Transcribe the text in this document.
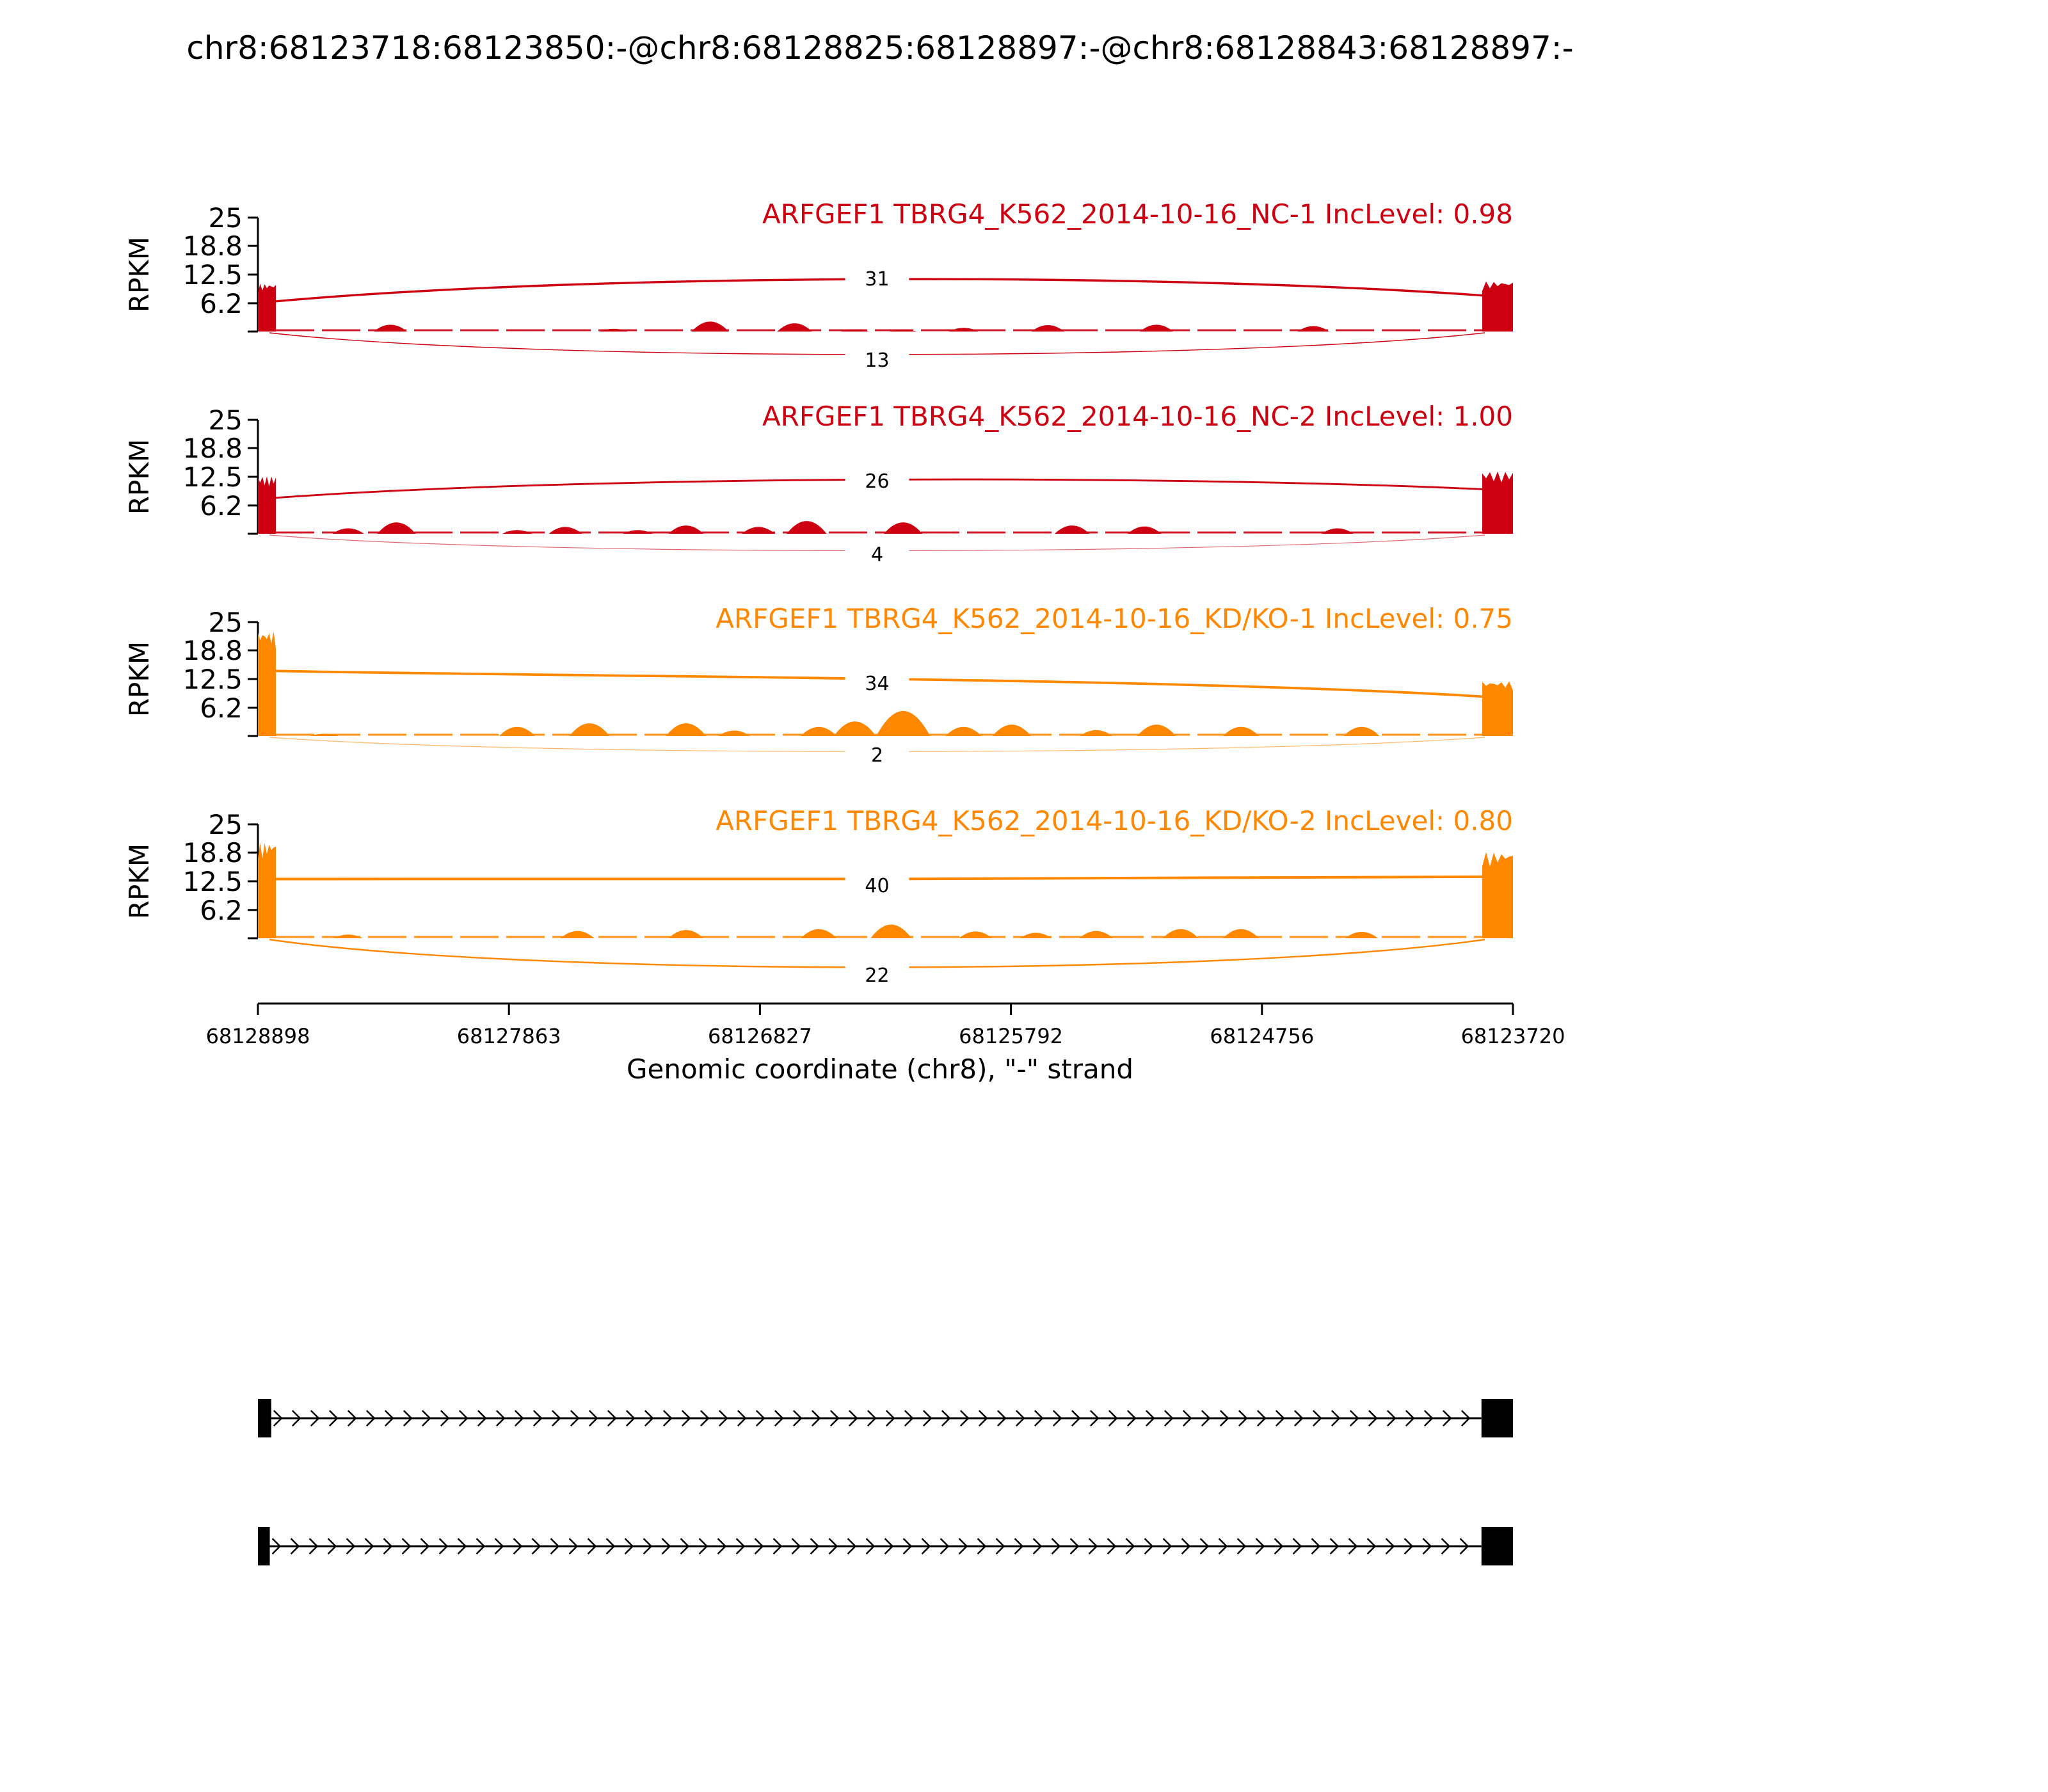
chr8:68123718:68123850:-@chr8:68128825:68128897:-@chr8:68128843:68128897:-
25
18.8
12.5
6.2
RPKM
ARFGEF1 TBRG4_K562_2014-10-16_NC-1 IncLevel: 0.98
31
13
25
18.8
12.5
6.2
RPKM
ARFGEF1 TBRG4_K562_2014-10-16_NC-2 IncLevel: 1.00
26
4
25
18.8
12.5
6.2
RPKM
ARFGEF1 TBRG4_K562_2014-10-16_KD/KO-1 IncLevel: 0.75
34
2
25
18.8
12.5
6.2
RPKM
ARFGEF1 TBRG4_K562_2014-10-16_KD/KO-2 IncLevel: 0.80
40
22
68128898	68127863	68126827	68125792	68124756	68123720
Genomic coordinate (chr8), "-" strand
